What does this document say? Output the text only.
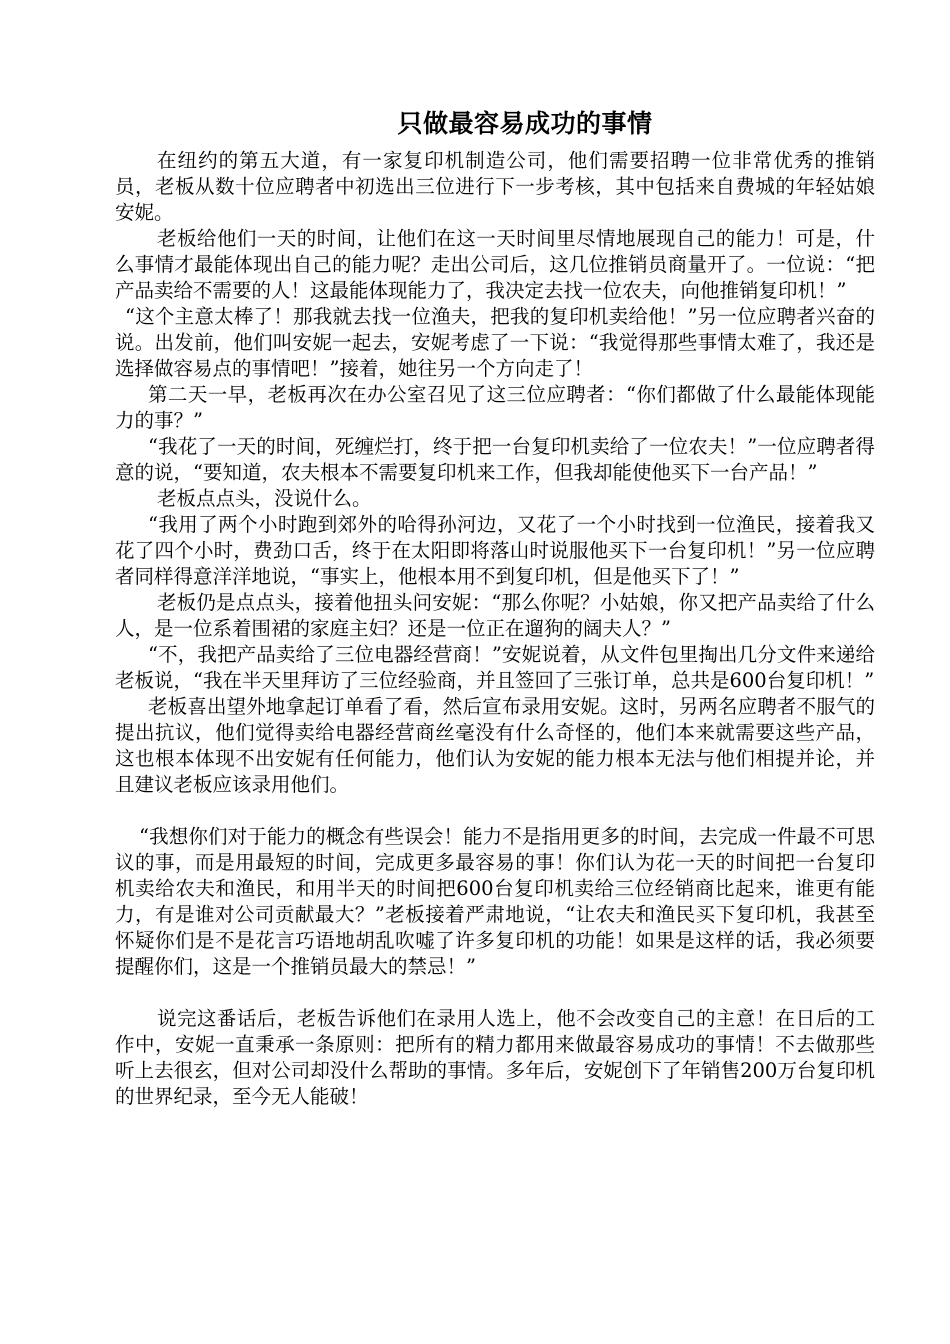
只做最容易成功的事情

在纽约的第五大道，有一家复印机制造公司，他们需要招聘一位非常优秀的推销员，老板从数十位应聘者中初选出三位进行下一步考核，其中包括来自费城的年轻姑娘安妮。

老板给他们一天的时间，让他们在这一天时间里尽情地展现自己的能力！可是，什么事情才最能体现出自己的能力呢？走出公司后，这几位推销员商量开了。一位说：“把产品卖给不需要的人！这最能体现能力了，我决定去找一位农夫，向他推销复印机！”

“这个主意太棒了！那我就去找一位渔夫，把我的复印机卖给他！”另一位应聘者兴奋的说。出发前，他们叫安妮一起去，安妮考虑了一下说：“我觉得那些事情太难了，我还是选择做容易点的事情吧！”接着，她往另一个方向走了！

第二天一早，老板再次在办公室召见了这三位应聘者：“你们都做了什么最能体现能力的事？”

“我花了一天的时间，死缠烂打，终于把一台复印机卖给了一位农夫！”一位应聘者得意的说，“要知道，农夫根本不需要复印机来工作，但我却能使他买下一台产品！”

老板点点头，没说什么。

“我用了两个小时跑到郊外的哈得孙河边，又花了一个小时找到一位渔民，接着我又花了四个小时，费劲口舌，终于在太阳即将落山时说服他买下一台复印机！”另一位应聘者同样得意洋洋地说，“事实上，他根本用不到复印机，但是他买下了！”

老板仍是点点头，接着他扭头问安妮：“那么你呢？小姑娘，你又把产品卖给了什么人，是一位系着围裙的家庭主妇？还是一位正在遛狗的阔夫人？”

“不，我把产品卖给了三位电器经营商！”安妮说着，从文件包里掏出几分文件来递给老板说，“我在半天里拜访了三位经验商，并且签回了三张订单，总共是600台复印机！”

老板喜出望外地拿起订单看了看，然后宣布录用安妮。这时，另两名应聘者不服气的提出抗议，他们觉得卖给电器经营商丝毫没有什么奇怪的，他们本来就需要这些产品，这也根本体现不出安妮有任何能力，他们认为安妮的能力根本无法与他们相提并论，并且建议老板应该录用他们。

“我想你们对于能力的概念有些误会！能力不是指用更多的时间，去完成一件最不可思议的事，而是用最短的时间，完成更多最容易的事！你们认为花一天的时间把一台复印机卖给农夫和渔民，和用半天的时间把600台复印机卖给三位经销商比起来，谁更有能力，有是谁对公司贡献最大？”老板接着严肃地说，“让农夫和渔民买下复印机，我甚至怀疑你们是不是花言巧语地胡乱吹嘘了许多复印机的功能！如果是这样的话，我必须要提醒你们，这是一个推销员最大的禁忌！”

说完这番话后，老板告诉他们在录用人选上，他不会改变自己的主意！在日后的工作中，安妮一直秉承一条原则：把所有的精力都用来做最容易成功的事情！不去做那些听上去很玄，但对公司却没什么帮助的事情。多年后，安妮创下了年销售200万台复印机的世界纪录，至今无人能破！
